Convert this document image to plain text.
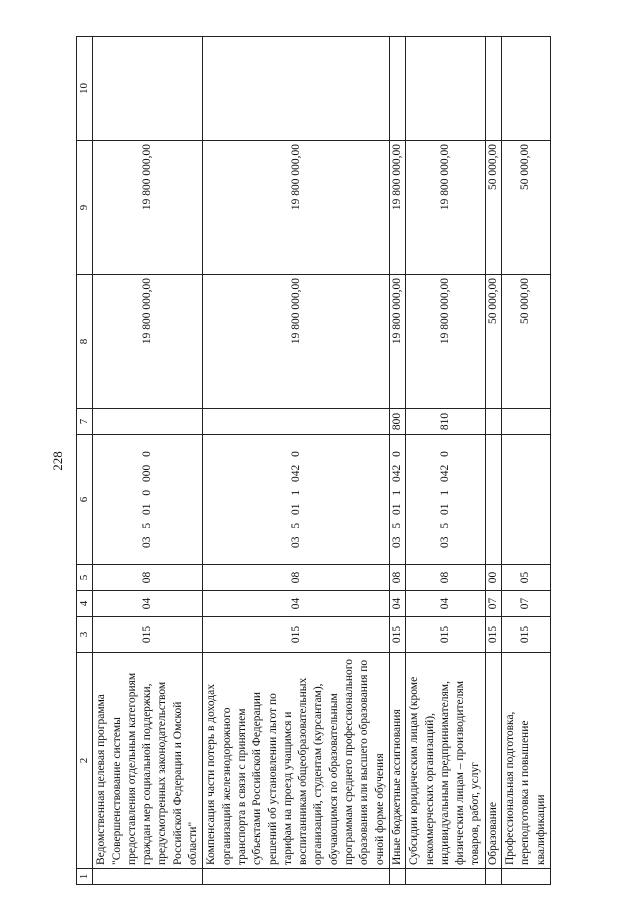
228
1	2	3	4	5	6	7	8	9	10
	Ведомственная целевая программа "Совершенствование системы предоставления отдельным категориям граждан мер социальной поддержки, предусмотренных законодательством Российской Федерации и Омской области"	015	04	08	03 5 01 0 000 0		19 800 000,00	19 800 000,00	
	Компенсация части потерь в доходах организаций железнодорожного транспорта в связи с принятием субъектами Российской Федерации решений об установлении льгот по тарифам на проезд учащимся и воспитанникам общеобразовательных организаций, студентам (курсантам), обучающимся по образовательным программам среднего профессионального образования или высшего образования по очной форме обучения	015	04	08	03 5 01 1 042 0		19 800 000,00	19 800 000,00	
	Иные бюджетные ассигнования	015	04	08	03 5 01 1 042 0	800	19 800 000,00	19 800 000,00	
	Субсидии юридическим лицам (кроме некоммерческих организаций), индивидуальным предпринимателям, физическим лицам – производителям товаров, работ, услуг	015	04	08	03 5 01 1 042 0	810	19 800 000,00	19 800 000,00	
	Образование	015	07	00			50 000,00	50 000,00	
	Профессиональная подготовка, переподготовка и повышение квалификации	015	07	05			50 000,00	50 000,00	
